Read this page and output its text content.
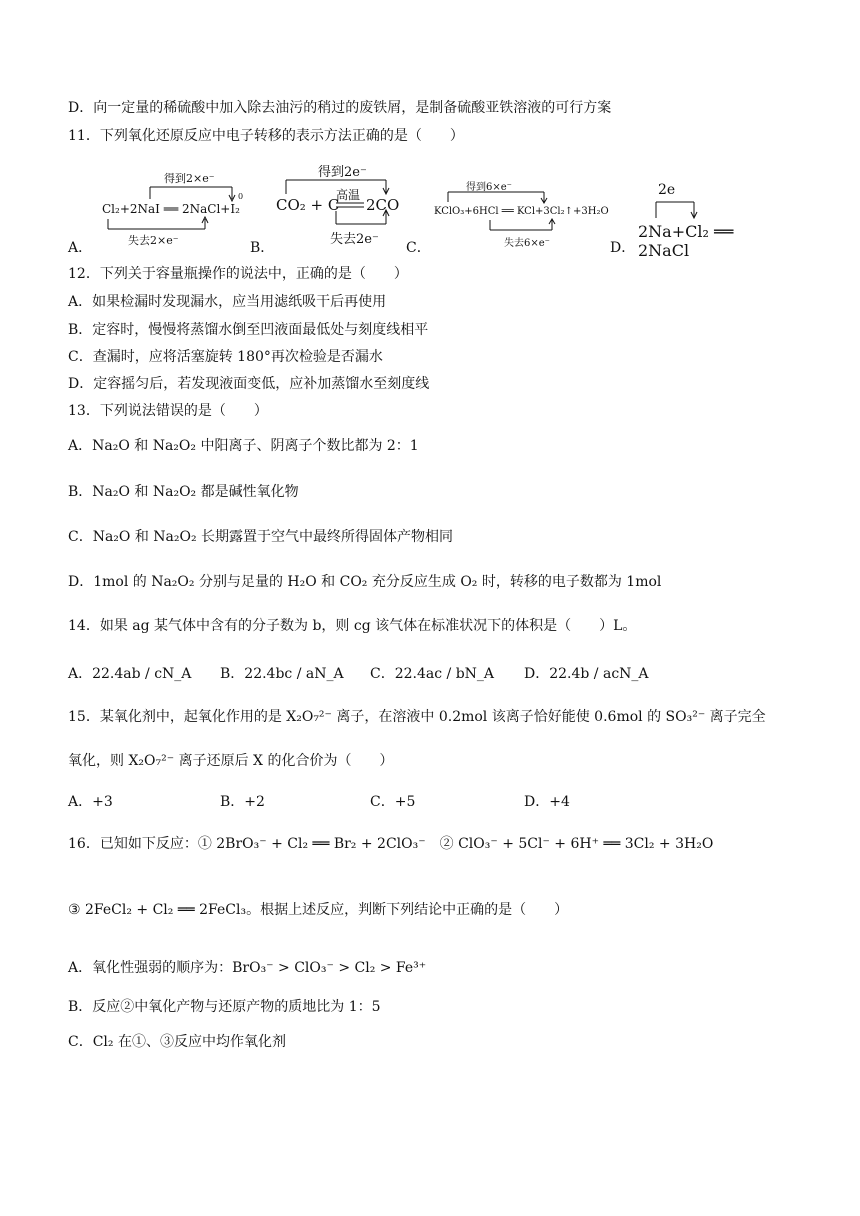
D．向一定量的稀硫酸中加入除去油污的稍过的废铁屑，是制备硫酸亚铁溶液的可行方案
11．下列氧化还原反应中电子转移的表示方法正确的是（　　）
得到2×e⁻
Cl₂+2NaI ══ 2NaCl+I₂
0
失去2×e⁻
A．
得到2e⁻
CO₂ + C
高温
2CO
失去2e⁻
B．
得到6×e⁻
KClO₃+6HCl ══ KCl+3Cl₂↑+3H₂O
失去6×e⁻
C．
2e
2Na+Cl₂ ══ 2NaCl
D．
12．下列关于容量瓶操作的说法中，正确的是（　　）
A．如果检漏时发现漏水，应当用滤纸吸干后再使用
B．定容时，慢慢将蒸馏水倒至凹液面最低处与刻度线相平
C．查漏时，应将活塞旋转 180°再次检验是否漏水
D．定容摇匀后，若发现液面变低，应补加蒸馏水至刻度线
13．下列说法错误的是（　　）
A．Na₂O 和 Na₂O₂ 中阳离子、阴离子个数比都为 2：1
B．Na₂O 和 Na₂O₂ 都是碱性氧化物
C．Na₂O 和 Na₂O₂ 长期露置于空气中最终所得固体产物相同
D．1mol 的 Na₂O₂ 分别与足量的 H₂O 和 CO₂ 充分反应生成 O₂ 时，转移的电子数都为 1mol
14．如果 ag 某气体中含有的分子数为 b，则 cg 该气体在标准状况下的体积是（　　）L。
A．22.4ab / cN_A B．22.4bc / aN_A C．22.4ac / bN_A D．22.4b / acN_A
15．某氧化剂中，起氧化作用的是 X₂O₇²⁻ 离子，在溶液中 0.2mol 该离子恰好能使 0.6mol 的 SO₃²⁻ 离子完全
氧化，则 X₂O₇²⁻ 离子还原后 X 的化合价为（　　）
A．+3	B．+2	C．+5	D．+4
16．已知如下反应：① 2BrO₃⁻ + Cl₂ ══ Br₂ + 2ClO₃⁻　② ClO₃⁻ + 5Cl⁻ + 6H⁺ ══ 3Cl₂ + 3H₂O
③ 2FeCl₂ + Cl₂ ══ 2FeCl₃。根据上述反应，判断下列结论中正确的是（　　）
A．氧化性强弱的顺序为：BrO₃⁻ > ClO₃⁻ > Cl₂ > Fe³⁺
B．反应②中氧化产物与还原产物的质地比为 1：5
C．Cl₂ 在①、③反应中均作氧化剂
